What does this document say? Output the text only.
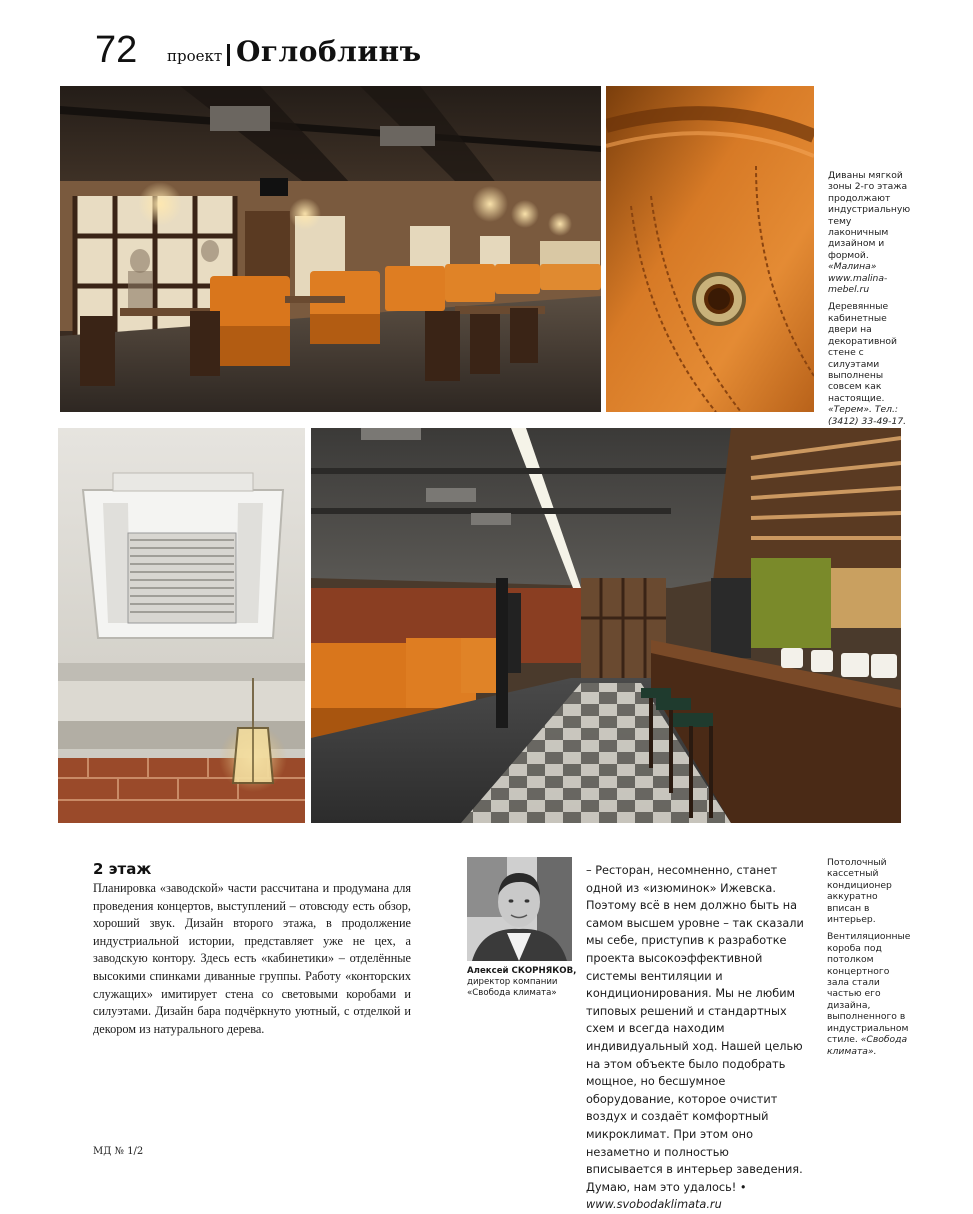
72 проект Оглоблинъ

Диваны мягкой зоны 2-го этажа продолжают индустриальную тему лаконичным дизайном и формой. «Малина» www.malina-mebel.ru

Деревянные кабинетные двери на декоративной стене с силуэтами выполнены совсем как настоящие. «Терем». Тел.: (3412) 33-49-17.

2 этаж
Планировка «заводской» части рассчитана и продумана для проведения концертов, выступлений – отовсюду есть обзор, хороший звук. Дизайн второго этажа, в продолжение индустриальной истории, представляет уже не цех, а заводскую контору. Здесь есть «кабинетики» – отделённые высокими спинками диванные группы. Работу «конторских служащих» имитирует стена со световыми коробами и силуэтами. Дизайн бара подчёркнуто уютный, с отделкой и декором из натурального дерева.
Алексей СКОРНЯКОВ,
директор компании «Свобода климата»
– Ресторан, несомненно, станет одной из «изюминок» Ижевска. Поэтому всё в нем должно быть на самом высшем уровне – так сказали мы себе, приступив к разработке проекта высокоэффективной системы вентиляции и кондиционирования. Мы не любим типовых решений и стандартных схем и всегда находим индивидуальный ход. Нашей целью на этом объекте было подобрать мощное, но бесшумное оборудование, которое очистит воздух и создаёт комфортный микроклимат. При этом оно незаметно и полностью вписывается в интерьер заведения. Думаю, нам это удалось! • www.svobodaklimata.ru

Потолочный кассетный кондиционер аккуратно вписан в интерьер.

Вентиляционные короба под потолком концертного зала стали частью его дизайна, выполненного в индустриальном стиле. «Свобода климата».

МД № 1/2
